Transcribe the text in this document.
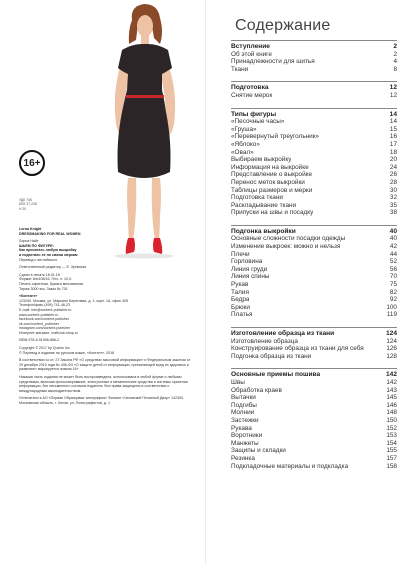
16+
УДК 746
ББК 37.248
Н 20
Lorna Knight
DRESSMAKING FOR REAL WOMEN
Лорна Найт
ШЬЕМ ПО ФИГУРЕ:
Как прочитать любую выкройку
и подогнать ее по своим меркам
Перевод с английского
Ответственный редактор — Е. Зуевская
Сдано в печать 18.01.18
Формат 84х108/16. Печ. л. 10,0.
Печать офсетная. Бумага мелованная.
Тираж 3000 экз. Заказ № 701
«Контэнт»
123290, Москва, ул. Марьино Береговая, д. 1, корп. 1А, офис 405
Телефон/факс (495) 741-46-23
E-mail: info@content-pubisher.ru
www.content-pubisher.ru
facebook.com/content.pubisher
vk.com/content_pubisher
instagram.com/content.pubisher
Интернет-магазин: craftclub-shop.ru
ISBN 978-5-91906-866-2
Copyright © 2017 by Quarto Inc.
© Перевод и издание на русском языке, «Контэнт», 2018
В соответствии со ст. 27 Закона РФ «О средствах массовой информации» и Федеральным законом от 29 декабря 2010 года № 436-ФЗ «О защите детей от информации, причиняющей вред их здоровью и развитию» маркируется знаком 16+
Никакая часть издания не может быть воспроизведена, использована в любой форме и любыми средствами, включая фотокопирование, электронные и механические средства и системы хранения информации, без письменного согласия издателя. Все права защищены в соответствии с международным законодательством.
Отпечатано в АО «Первая Образцовая типография» Филиал «Чеховский Печатный Двор» 142300, Московская область, г. Чехов, ул. Полиграфистов, д. 1
Содержание
Вступление	2
Об этой книге	2
Принадлежности для шитья	4
Ткани	8
Подготовка	12
Снятие мерок	12
Типы фигуры	14
«Песочные часы»	14
«Груша»	15
«Перевернутый треугольник»	16
«Яблоко»	17
«Овал»	18
Выбираем выкройку	20
Информация на выкройке	24
Представление о выкройке	26
Перенос меток выкройки	28
Таблицы размеров и мерки	30
Подготовка ткани	32
Раскладывание ткани	35
Припуски на швы и посадку	38
Подгонка выкройки	40
Основные сложности посадки одежды	40
Изменение выкроек: можно и нельзя	42
Плечи	44
Горловина	52
Линия груди	56
Линия спины	70
Рукав	75
Талия	82
Бедра	92
Брюки	100
Платья	119
Изготовление образца из ткани	124
Изготовление образца	124
Конструирование образца из ткани для себя	126
Подгонка образца из ткани	128
Основные приемы пошива	142
Швы	142
Обработка краев	143
Вытачки	145
Подгибы	146
Молнии	148
Застежки	150
Рукава	152
Воротники	153
Манжеты	154
Защипы и складки	155
Резинка	157
Подкладочные материалы и подкладка	158
